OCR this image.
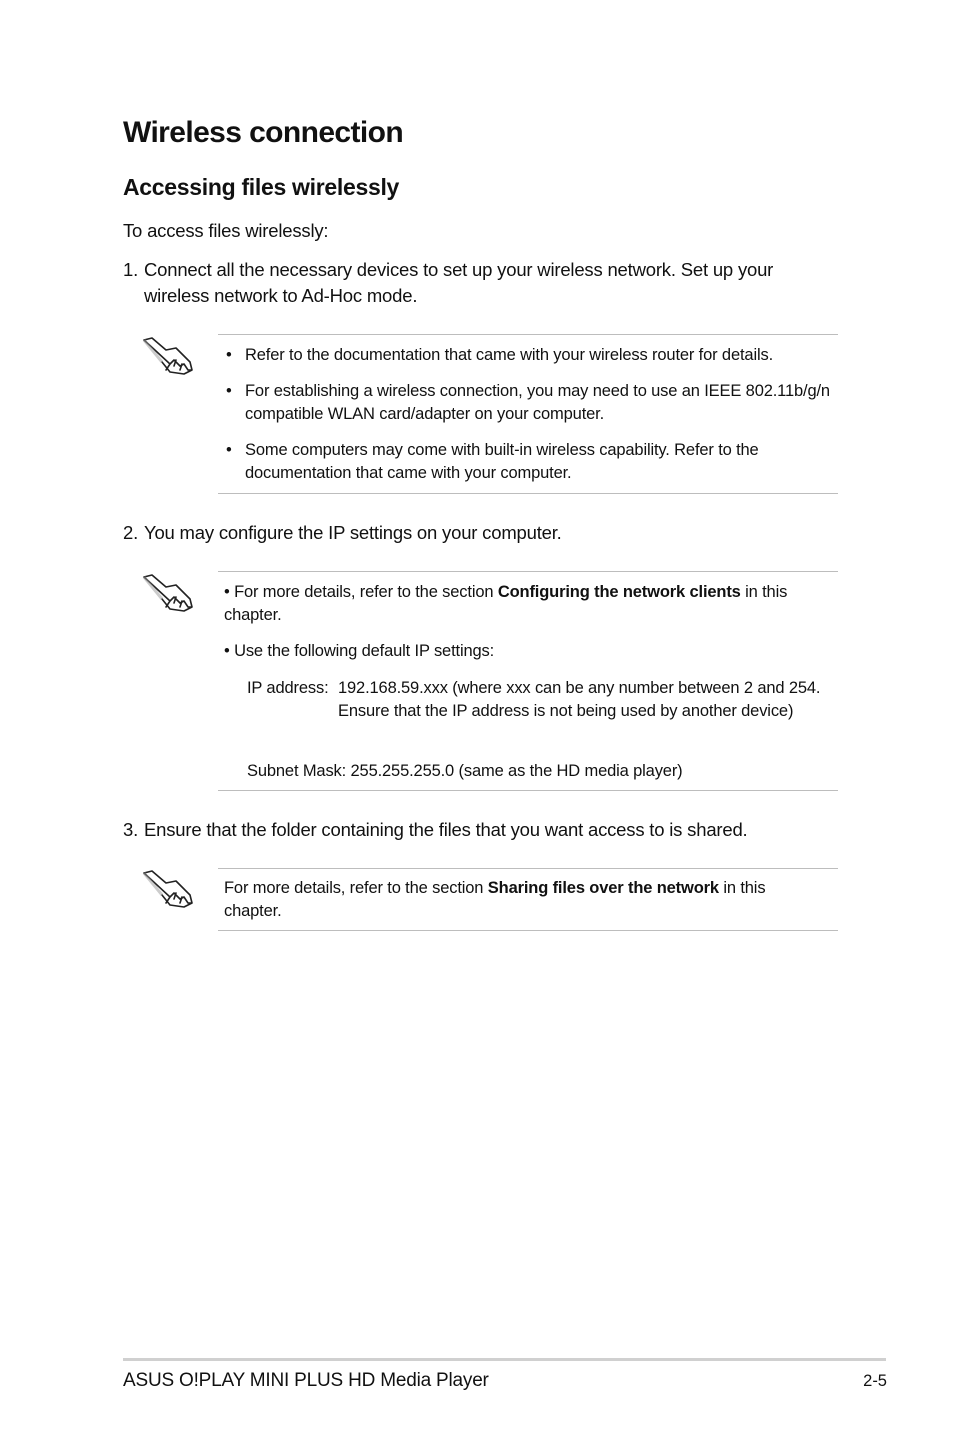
Wireless connection
Accessing files wirelessly
To access files wirelessly:
1. Connect all the necessary devices to set up your wireless network. Set up your wireless network to Ad-Hoc mode.
• Refer to the documentation that came with your wireless router for details.
• For establishing a wireless connection, you may need to use an IEEE 802.11b/g/n compatible WLAN card/adapter on your computer.
• Some computers may come with built-in wireless capability. Refer to the documentation that came with your computer.
2. You may configure the IP settings on your computer.
• For more details, refer to the section Configuring the network clients in this chapter.
• Use the following default IP settings:
IP address: 192.168.59.xxx (where xxx can be any number between 2 and 254. Ensure that the IP address is not being used by another device)
Subnet Mask: 255.255.255.0 (same as the HD media player)
3. Ensure that the folder containing the files that you want access to is shared.
For more details, refer to the section Sharing files over the network in this chapter.
ASUS O!PLAY MINI PLUS HD Media Player	2-5
